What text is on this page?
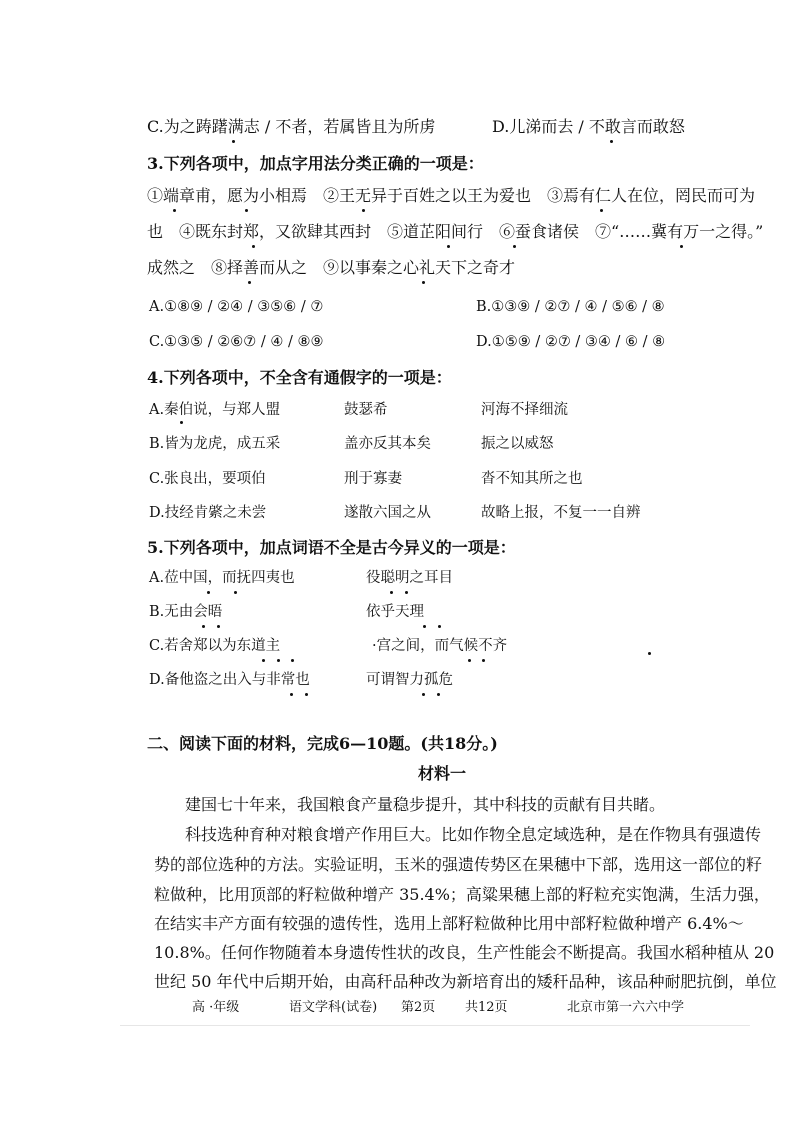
C.为之踌躇满志 / 不者，若属皆且为所虏	D.儿涕而去 / 不敢言而敢怒
3.下列各项中，加点字用法分类正确的一项是：
①端章甫，愿为小相焉　②王无异于百姓之以王为爱也　③焉有仁人在位，罔民而可为
也　④既东封郑，又欲肆其西封　⑤道芷阳间行　⑥蚕食诸侯　⑦“……冀有万一之得。”
成然之　⑧择善而从之　⑨以事秦之心礼天下之奇才
A.①⑧⑨ / ②④ / ③⑤⑥ / ⑦	B.①③⑨ / ②⑦ / ④ / ⑤⑥ / ⑧
C.①③⑤ / ②⑥⑦ / ④ / ⑧⑨	D.①⑤⑨ / ②⑦ / ③④ / ⑥ / ⑧
4.下列各项中，不全含有通假字的一项是：
A.秦伯说，与郑人盟	鼓瑟希	河海不择细流
B.皆为龙虎，成五采	盖亦反其本矣	振之以威怒
C.张良出，要项伯	刑于寡妻	沓不知其所之也
D.技经肯綮之未尝	遂散六国之从	故略上报，不复一一自辨
5.下列各项中，加点词语不全是古今异义的一项是：
A.莅中国，而抚四夷也	役聪明之耳目
B.无由会晤	依乎天理
C.若舍郑以为东道主	·宫之间，而气候不齐
D.备他盗之出入与非常也	可谓智力孤危
二、阅读下面的材料，完成6—10题。(共18分。)
材料一
建国七十年来，我国粮食产量稳步提升，其中科技的贡献有目共睹。
科技选种育种对粮食增产作用巨大。比如作物全息定域选种，是在作物具有强遗传
势的部位选种的方法。实验证明，玉米的强遗传势区在果穗中下部，选用这一部位的籽
粒做种，比用顶部的籽粒做种增产 35.4%；高粱果穗上部的籽粒充实饱满，生活力强，
在结实丰产方面有较强的遗传性，选用上部籽粒做种比用中部籽粒做种增产 6.4%～
10.8%。任何作物随着本身遗传性状的改良，生产性能会不断提高。我国水稻种植从 20
世纪 50 年代中后期开始，由高秆品种改为新培育出的矮秆品种，该品种耐肥抗倒，单位
高 ·年级	语文学科(试卷) 第2页 共12页	北京市第一六六中学
